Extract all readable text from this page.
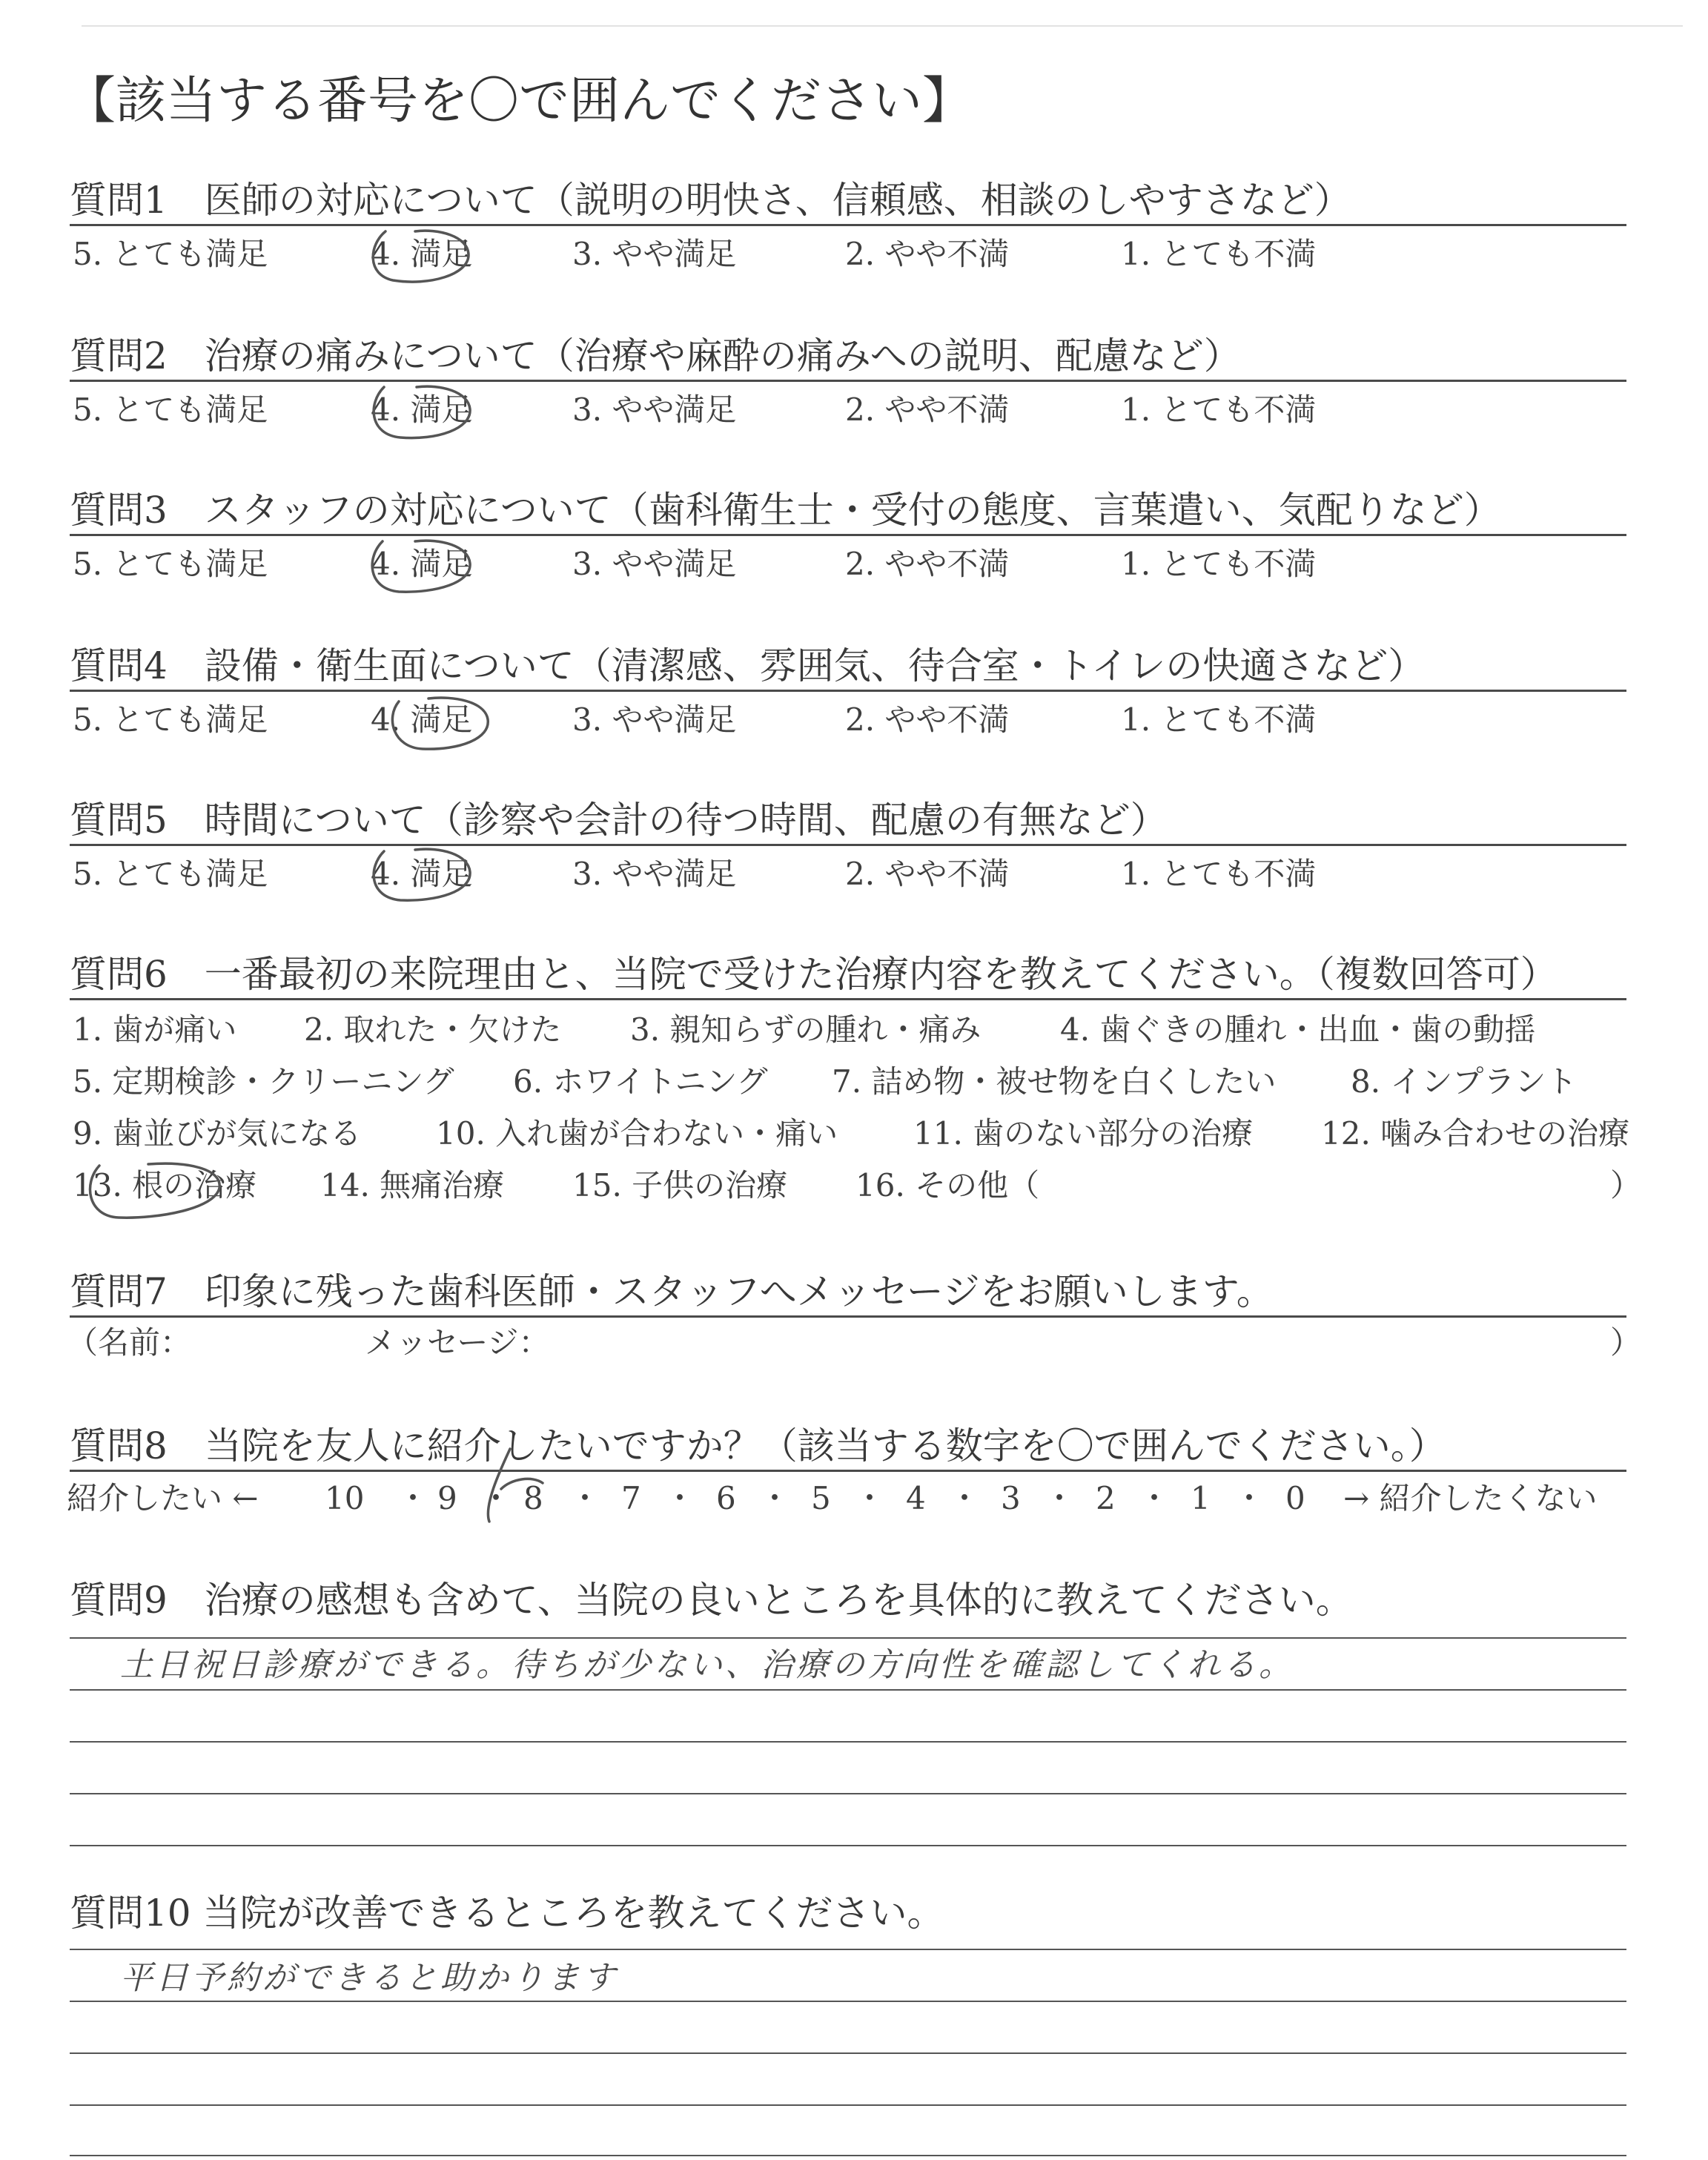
【該当する番号を〇で囲んでください】
質問1　医師の対応について（説明の明快さ、信頼感、相談のしやすさなど）
5. とても満足	4. 満足	3. やや満足	2. やや不満	1. とても不満
質問2　治療の痛みについて（治療や麻酔の痛みへの説明、配慮など）
5. とても満足	4. 満足	3. やや満足	2. やや不満	1. とても不満
質問3　スタッフの対応について（歯科衛生士・受付の態度、言葉遣い、気配りなど）
5. とても満足	4. 満足	3. やや満足	2. やや不満	1. とても不満
質問4　設備・衛生面について（清潔感、雰囲気、待合室・トイレの快適さなど）
5. とても満足	4. 満足	3. やや満足	2. やや不満	1. とても不満
質問5　時間について（診察や会計の待つ時間、配慮の有無など）
5. とても満足	4. 満足	3. やや満足	2. やや不満	1. とても不満
質問6　一番最初の来院理由と、当院で受けた治療内容を教えてください。（複数回答可）
1. 歯が痛い 2. 取れた・欠けた 3. 親知らずの腫れ・痛み	4. 歯ぐきの腫れ・出血・歯の動揺
5. 定期検診・クリーニング 6. ホワイトニング 7. 詰め物・被せ物を白くしたい 8. インプラント
9. 歯並びが気になる 10. 入れ歯が合わない・痛い 11. 歯のない部分の治療 12. 噛み合わせの治療
13. 根の治療 14. 無痛治療 15. 子供の治療 16. その他（	）
質問7　印象に残った歯科医師・スタッフへメッセージをお願いします。
（名前：	メッセージ：	）
質問8　当院を友人に紹介したいですか？（該当する数字を〇で囲んでください。）
紹介したい ← 10 ・ 9 ・ 8 ・ 7 ・ 6 ・ 5 ・ 4 ・ 3 ・ 2 ・ 1 ・ 0 → 紹介したくない
質問9　治療の感想も含めて、当院の良いところを具体的に教えてください。
土日祝日診療ができる。待ちが少ない、治療の方向性を確認してくれる。
質問10 当院が改善できるところを教えてください。
平日予約ができると助かります
